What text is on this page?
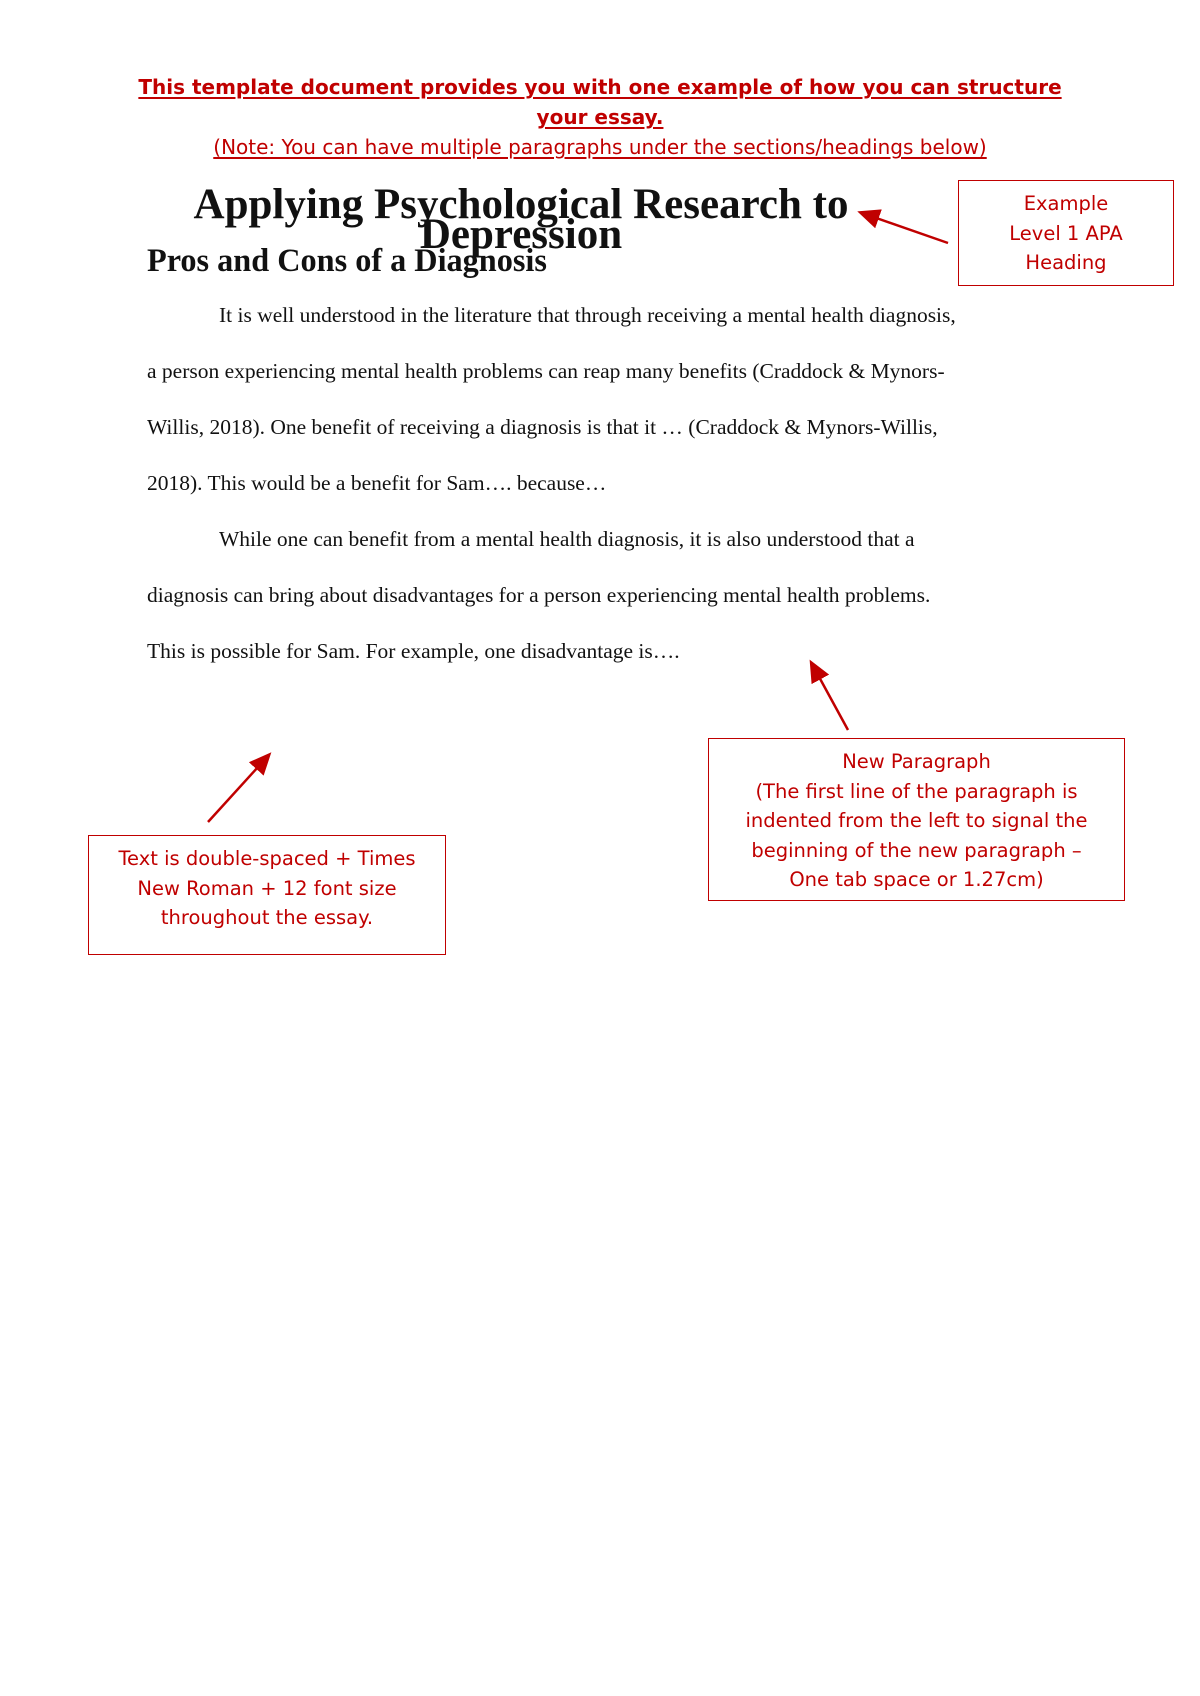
This template document provides you with one example of how you can structure
your essay.
(Note: You can have multiple paragraphs under the sections/headings below)
Applying Psychological Research to Depression
Pros and Cons of a Diagnosis

It is well understood in the literature that through receiving a mental health diagnosis,
a person experiencing mental health problems can reap many benefits (Craddock & Mynors-
Willis, 2018). One benefit of receiving a diagnosis is that it … (Craddock & Mynors-Willis,
2018). This would be a benefit for Sam…. because…

While one can benefit from a mental health diagnosis, it is also understood that a
diagnosis can bring about disadvantages for a person experiencing mental health problems.
This is possible for Sam. For example, one disadvantage is….

Example
Level 1 APA
Heading
New Paragraph
(The first line of the paragraph is
indented from the left to signal the
beginning of the new paragraph –
One tab space or 1.27cm)
Text is double-spaced + Times
New Roman + 12 font size
throughout the essay.
